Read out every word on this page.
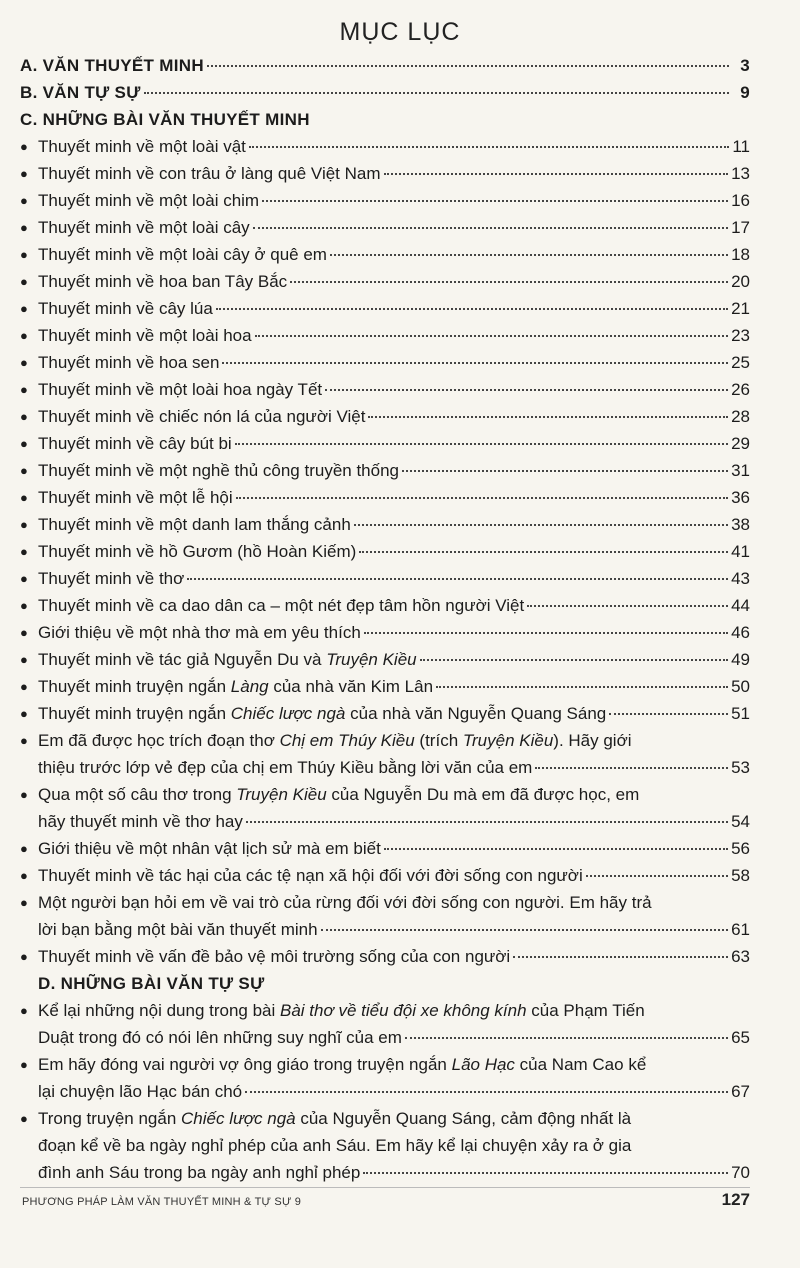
MỤC LỤC
A. VĂN THUYẾT MINH	3
B. VĂN TỰ SỰ	9
C. NHỮNG BÀI VĂN THUYẾT MINH
● Thuyết minh về một loài vật	11
● Thuyết minh về con trâu ở làng quê Việt Nam	13
● Thuyết minh về một loài chim	16
● Thuyết minh về một loài cây	17
● Thuyết minh về một loài cây ở quê em	18
● Thuyết minh về hoa ban Tây Bắc	20
● Thuyết minh về cây lúa	21
● Thuyết minh về một loài hoa	23
● Thuyết minh về hoa sen	25
● Thuyết minh về một loài hoa ngày Tết	26
● Thuyết minh về chiếc nón lá của người Việt	28
● Thuyết minh về cây bút bi	29
● Thuyết minh về một nghề thủ công truyền thống	31
● Thuyết minh về một lễ hội	36
● Thuyết minh về một danh lam thắng cảnh	38
● Thuyết minh về hồ Gươm (hồ Hoàn Kiếm)	41
● Thuyết minh về thơ	43
● Thuyết minh về ca dao dân ca – một nét đẹp tâm hồn người Việt	44
● Giới thiệu về một nhà thơ mà em yêu thích	46
● Thuyết minh về tác giả Nguyễn Du và Truyện Kiều	49
● Thuyết minh truyện ngắn Làng của nhà văn Kim Lân	50
● Thuyết minh truyện ngắn Chiếc lược ngà của nhà văn Nguyễn Quang Sáng	51
● Em đã được học trích đoạn thơ Chị em Thúy Kiều (trích Truyện Kiều). Hãy giới
thiệu trước lớp vẻ đẹp của chị em Thúy Kiều bằng lời văn của em	53
● Qua một số câu thơ trong Truyện Kiều của Nguyễn Du mà em đã được học, em
hãy thuyết minh về thơ hay	54
● Giới thiệu về một nhân vật lịch sử mà em biết	56
● Thuyết minh về tác hại của các tệ nạn xã hội đối với đời sống con người	58
● Một người bạn hỏi em về vai trò của rừng đối với đời sống con người. Em hãy trả
lời bạn bằng một bài văn thuyết minh	61
● Thuyết minh về vấn đề bảo vệ môi trường sống của con người	63
D. NHỮNG BÀI VĂN TỰ SỰ
● Kể lại những nội dung trong bài Bài thơ về tiểu đội xe không kính của Phạm Tiến
Duật trong đó có nói lên những suy nghĩ của em	65
● Em hãy đóng vai người vợ ông giáo trong truyện ngắn Lão Hạc của Nam Cao kể
lại chuyện lão Hạc bán chó	67
● Trong truyện ngắn Chiếc lược ngà của Nguyễn Quang Sáng, cảm động nhất là
đoạn kể về ba ngày nghỉ phép của anh Sáu. Em hãy kể lại chuyện xảy ra ở gia
đình anh Sáu trong ba ngày anh nghỉ phép	70
PHƯƠNG PHÁP LÀM VĂN THUYẾT MINH & TỰ SỰ 9	127
